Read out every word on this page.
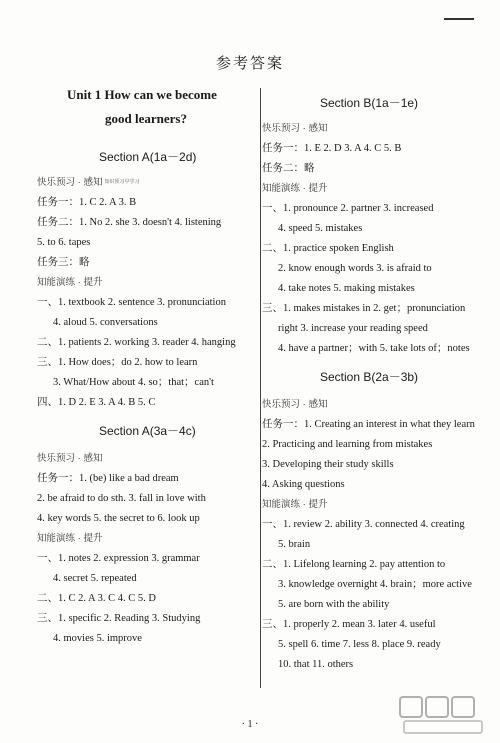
参考答案
Unit 1 How can we become
good learners?
Section A(1a－2d)
快乐预习 · 感知 知识预习早学习
任务一：1. C 2. A 3. B
任务二：1. No 2. she 3. doesn't 4. listening
5. to 6. tapes
任务三：略
知能演练 · 提升
一、1. textbook 2. sentence 3. pronunciation
4. aloud 5. conversations
二、1. patients 2. working 3. reader 4. hanging
三、1. How does；do 2. how to learn
3. What/How about 4. so；that；can't
四、1. D 2. E 3. A 4. B 5. C
Section A(3a－4c)
快乐预习 · 感知
任务一：1. (be) like a bad dream
2. be afraid to do sth. 3. fall in love with
4. key words 5. the secret to 6. look up
知能演练 · 提升
一、1. notes 2. expression 3. grammar
4. secret 5. repeated
二、1. C 2. A 3. C 4. C 5. D
三、1. specific 2. Reading 3. Studying
4. movies 5. improve
Section B(1a－1e)
快乐预习 · 感知
任务一：1. E 2. D 3. A 4. C 5. B
任务二：略
知能演练 · 提升
一、1. pronounce 2. partner 3. increased
4. speed 5. mistakes
二、1. practice spoken English
2. know enough words 3. is afraid to
4. take notes 5. making mistakes
三、1. makes mistakes in 2. get；pronunciation
right 3. increase your reading speed
4. have a partner；with 5. take lots of；notes
Section B(2a－3b)
快乐预习 · 感知
任务一：1. Creating an interest in what they learn
2. Practicing and learning from mistakes
3. Developing their study skills
4. Asking questions
知能演练 · 提升
一、1. review 2. ability 3. connected 4. creating
5. brain
二、1. Lifelong learning 2. pay attention to
3. knowledge overnight 4. brain；more active
5. are born with the ability
三、1. properly 2. mean 3. later 4. useful
5. spell 6. time 7. less 8. place 9. ready
10. that 11. others
· 1 ·
